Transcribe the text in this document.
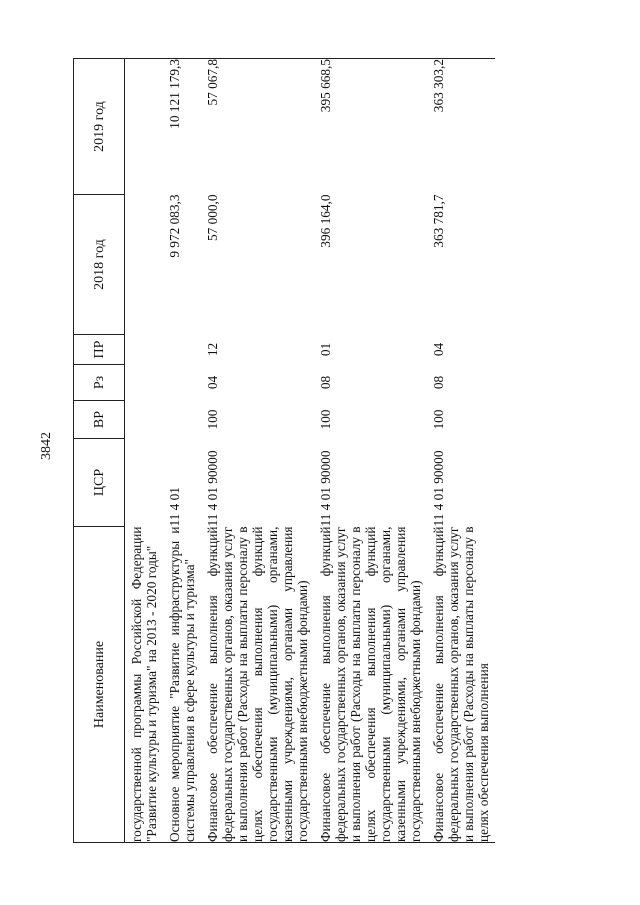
3842
Наименование	ЦСР	ВР	Рз	ПР	2018 год	2019 год
государственной программы Российской Федерации "Развитие культуры и туризма" на 2013 - 2020 годы"						
Основное мероприятие "Развитие инфраструктуры и системы управления в сфере культуры и туризма"	11 4 01				9 972 083,3	10 121 179,3
Финансовое обеспечение выполнения функций федеральных государственных органов, оказания услуг и выполнения работ (Расходы на выплаты персоналу в целях обеспечения выполнения функций государственными (муниципальными) органами, казенными учреждениями, органами управления государственными внебюджетными фондами)	11 4 01 90000	100	04	12	57 000,0	57 067,8
Финансовое обеспечение выполнения функций федеральных государственных органов, оказания услуг и выполнения работ (Расходы на выплаты персоналу в целях обеспечения выполнения функций государственными (муниципальными) органами, казенными учреждениями, органами управления государственными внебюджетными фондами)	11 4 01 90000	100	08	01	396 164,0	395 668,5
Финансовое обеспечение выполнения функций федеральных государственных органов, оказания услуг и выполнения работ (Расходы на выплаты персоналу в целях обеспечения выполнения	11 4 01 90000	100	08	04	363 781,7	363 303,2
